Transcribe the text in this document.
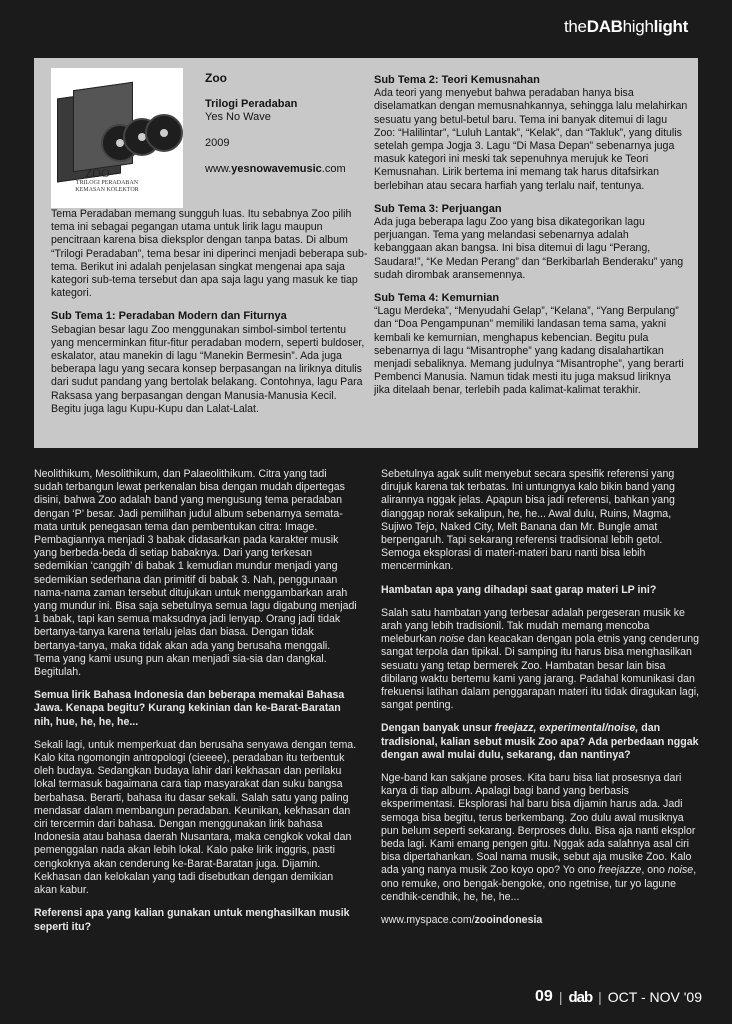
theDABhighlight
ZOO
TRILOGI PERADABAN KEMASAN KOLEKTOR
Zoo
Trilogi Peradaban
Yes No Wave
2009
www.yesnowavemusic.com

Tema Peradaban memang sungguh luas. Itu sebabnya Zoo pilih tema ini sebagai pegangan utama untuk lirik lagu maupun pencitraan karena bisa dieksplor dengan tanpa batas. Di album “Trilogi Peradaban”, tema besar ini diperinci menjadi beberapa sub-tema. Berikut ini adalah penjelasan singkat mengenai apa saja kategori sub-tema tersebut dan apa saja lagu yang masuk ke tiap kategori.

Sub Tema 1: Peradaban Modern dan Fiturnya

Sebagian besar lagu Zoo menggunakan simbol-simbol tertentu yang mencerminkan fitur-fitur peradaban modern, seperti buldoser, eskalator, atau manekin di lagu “Manekin Bermesin”. Ada juga beberapa lagu yang secara konsep berpasangan na liriknya ditulis dari sudut pandang yang bertolak belakang. Contohnya, lagu Para Raksasa yang berpasangan dengan Manusia-Manusia Kecil. Begitu juga lagu Kupu-Kupu dan Lalat-Lalat.

Sub Tema 2: Teori Kemusnahan

Ada teori yang menyebut bahwa peradaban hanya bisa diselamatkan dengan memusnahkannya, sehingga lalu melahirkan sesuatu yang betul-betul baru. Tema ini banyak ditemui di lagu Zoo: “Halilintar”, “Luluh Lantak”, “Kelak”, dan “Takluk”, yang ditulis setelah gempa Jogja 3. Lagu “Di Masa Depan” sebenarnya juga masuk kategori ini meski tak sepenuhnya merujuk ke Teori Kemusnahan. Lirik bertema ini memang tak harus ditafsirkan berlebihan atau secara harfiah yang terlalu naif, tentunya.

Sub Tema 3: Perjuangan

Ada juga beberapa lagu Zoo yang bisa dikategorikan lagu perjuangan. Tema yang melandasi sebenarnya adalah kebanggaan akan bangsa. Ini bisa ditemui di lagu “Perang, Saudara!”, “Ke Medan Perang” dan “Berkibarlah Benderaku” yang sudah dirombak aransemennya.

Sub Tema 4: Kemurnian

“Lagu Merdeka”, “Menyudahi Gelap”, “Kelana”, “Yang Berpulang” dan “Doa Pengampunan” memiliki landasan tema sama, yakni kembali ke kemurnian, menghapus kebencian. Begitu pula sebenarnya di lagu “Misantrophe” yang kadang disalahartikan menjadi sebaliknya. Memang judulnya “Misantrophe”, yang berarti Pembenci Manusia. Namun tidak mesti itu juga maksud liriknya jika ditelaah benar, terlebih pada kalimat-kalimat terakhir.

Neolithikum, Mesolithikum, dan Palaeolithikum. Citra yang tadi sudah terbangun lewat perkenalan bisa dengan mudah dipertegas disini, bahwa Zoo adalah band yang mengusung tema peradaban dengan ‘P’ besar. Jadi pemilihan judul album sebenarnya semata-mata untuk penegasan tema dan pembentukan citra: Image. Pembagiannya menjadi 3 babak didasarkan pada karakter musik yang berbeda-beda di setiap babaknya. Dari yang terkesan sedemikian ‘canggih’ di babak 1 kemudian mundur menjadi yang sedemikian sederhana dan primitif di babak 3. Nah, penggunaan nama-nama zaman tersebut ditujukan untuk menggambarkan arah yang mundur ini. Bisa saja sebetulnya semua lagu digabung menjadi 1 babak, tapi kan semua maksudnya jadi lenyap. Orang jadi tidak bertanya-tanya karena terlalu jelas dan biasa. Dengan tidak bertanya-tanya, maka tidak akan ada yang berusaha menggali. Tema yang kami usung pun akan menjadi sia-sia dan dangkal. Begitulah.

Semua lirik Bahasa Indonesia dan beberapa memakai Bahasa Jawa. Kenapa begitu? Kurang kekinian dan ke-Barat-Baratan nih, hue, he, he, he...

Sekali lagi, untuk memperkuat dan berusaha senyawa dengan tema. Kalo kita ngomongin antropologi (cieeee), peradaban itu terbentuk oleh budaya. Sedangkan budaya lahir dari kekhasan dan perilaku lokal termasuk bagaimana cara tiap masyarakat dan suku bangsa berbahasa. Berarti, bahasa itu dasar sekali. Salah satu yang paling mendasar dalam membangun peradaban. Keunikan, kekhasan dan ciri tercermin dari bahasa. Dengan menggunakan lirik bahasa Indonesia atau bahasa daerah Nusantara, maka cengkok vokal dan pemenggalan nada akan lebih lokal. Kalo pake lirik inggris, pasti cengkoknya akan cenderung ke-Barat-Baratan juga. Dijamin. Kekhasan dan kelokalan yang tadi disebutkan dengan demikian akan kabur.

Referensi apa yang kalian gunakan untuk menghasilkan musik seperti itu?

Sebetulnya agak sulit menyebut secara spesifik referensi yang dirujuk karena tak terbatas. Ini untungnya kalo bikin band yang alirannya nggak jelas. Apapun bisa jadi referensi, bahkan yang dianggap norak sekalipun, he, he... Awal dulu, Ruins, Magma, Sujiwo Tejo, Naked City, Melt Banana dan Mr. Bungle amat berpengaruh. Tapi sekarang referensi tradisional lebih getol. Semoga eksplorasi di materi-materi baru nanti bisa lebih mencerminkan.

Hambatan apa yang dihadapi saat garap materi LP ini?

Salah satu hambatan yang terbesar adalah pergeseran musik ke arah yang lebih tradisionil. Tak mudah memang mencoba meleburkan noise dan keacakan dengan pola etnis yang cenderung sangat terpola dan tipikal. Di samping itu harus bisa menghasilkan sesuatu yang tetap bermerek Zoo. Hambatan besar lain bisa dibilang waktu bertemu kami yang jarang. Padahal komunikasi dan frekuensi latihan dalam penggarapan materi itu tidak diragukan lagi, sangat penting.

Dengan banyak unsur freejazz, experimental/noise, dan tradisional, kalian sebut musik Zoo apa? Ada perbedaan nggak dengan awal mulai dulu, sekarang, dan nantinya?

Nge-band kan sakjane proses. Kita baru bisa liat prosesnya dari karya di tiap album. Apalagi bagi band yang berbasis eksperimentasi. Eksplorasi hal baru bisa dijamin harus ada. Jadi semoga bisa begitu, terus berkembang. Zoo dulu awal musiknya pun belum seperti sekarang. Berproses dulu. Bisa aja nanti eksplor beda lagi. Kami emang pengen gitu. Nggak ada salahnya asal ciri bisa dipertahankan. Soal nama musik, sebut aja musike Zoo. Kalo ada yang nanya musik Zoo koyo opo? Yo ono freejazze, ono noise, ono remuke, ono bengak-bengoke, ono ngetnise, tur yo lagune cendhik-cendhik, he, he, he...

www.myspace.com/zooindonesia

09 | dab | OCT - NOV '09
